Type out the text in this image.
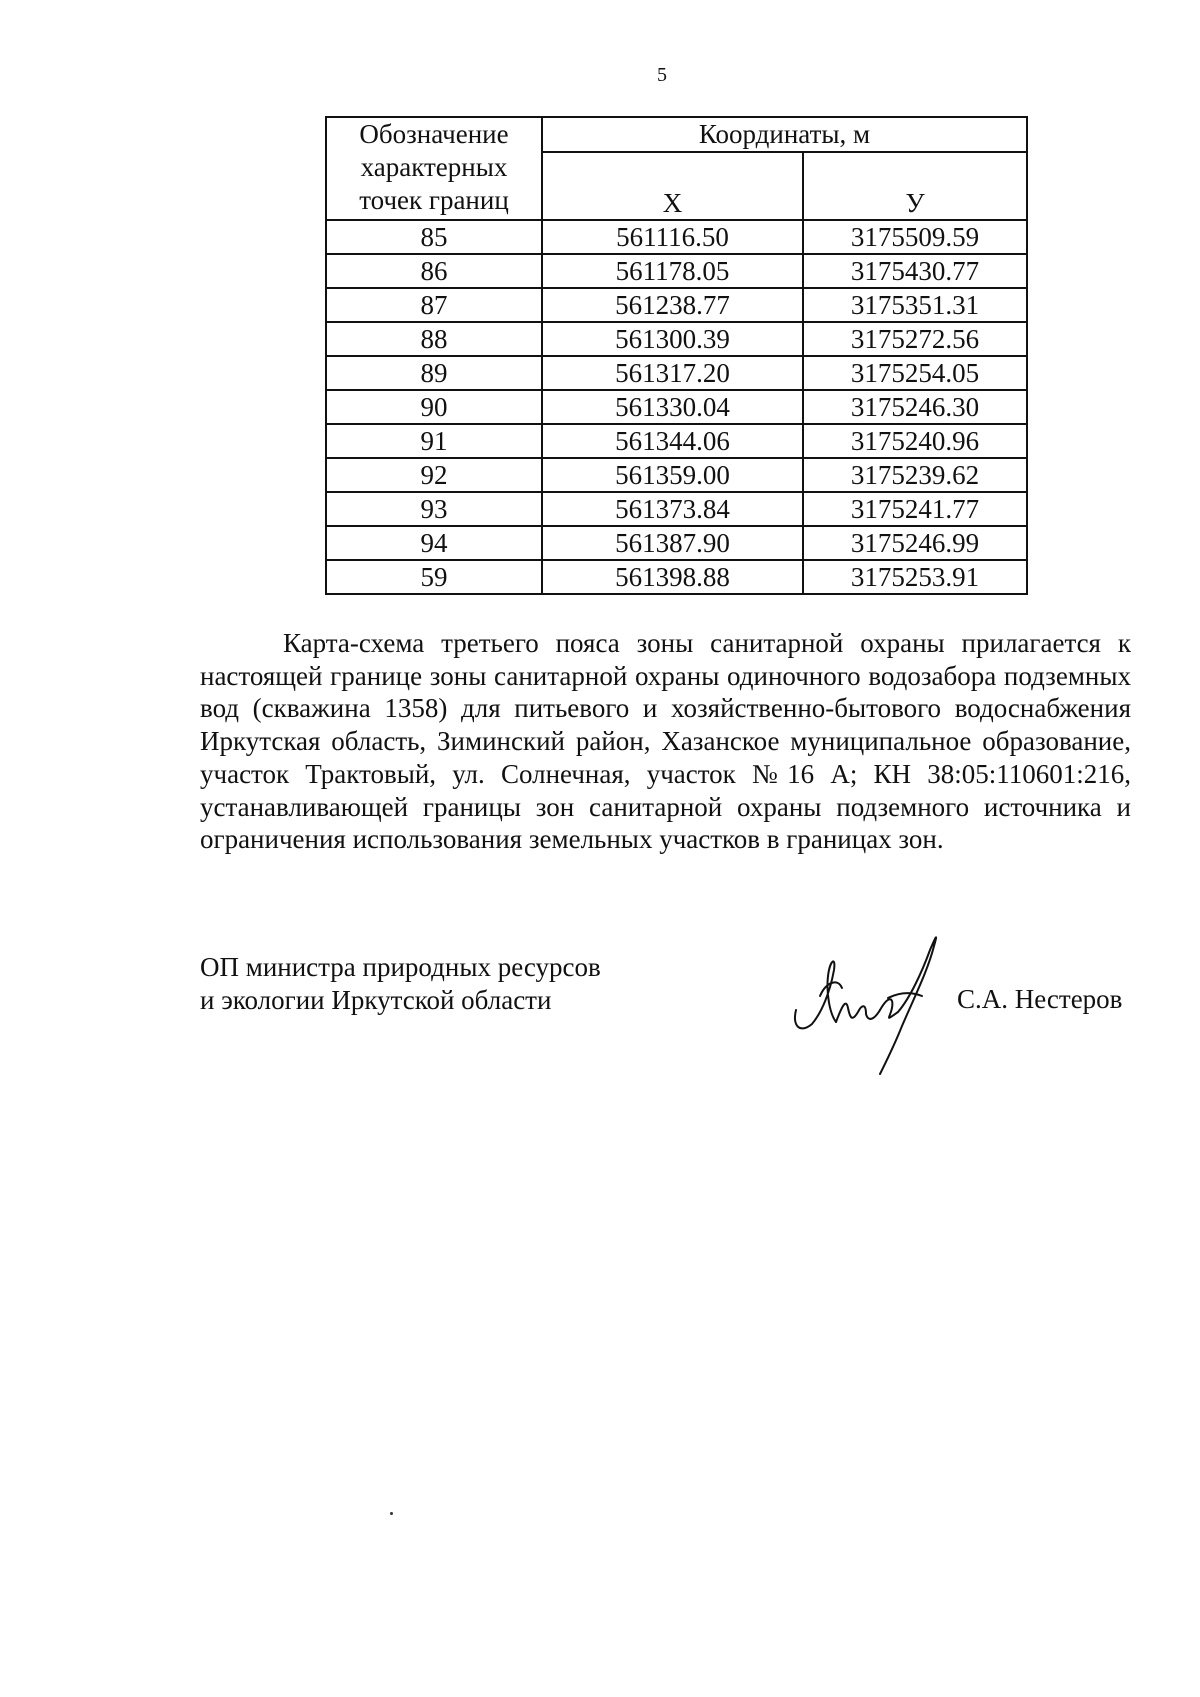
5
Обозначение характерных точек границ	Координаты, м	
	Х	У
85	561116.50	3175509.59
86	561178.05	3175430.77
87	561238.77	3175351.31
88	561300.39	3175272.56
89	561317.20	3175254.05
90	561330.04	3175246.30
91	561344.06	3175240.96
92	561359.00	3175239.62
93	561373.84	3175241.77
94	561387.90	3175246.99
59	561398.88	3175253.91

Карта-схема третьего пояса зоны санитарной охраны прилагается к настоящей границе зоны санитарной охраны одиночного водозабора подземных вод (скважина 1358) для питьевого и хозяйственно-бытового водоснабжения Иркутская область, Зиминский район, Хазанское муниципальное образование, участок Трактовый, ул. Солнечная, участок №16 А; КН 38:05:110601:216, устанавливающей границы зон санитарной охраны подземного источника и ограничения использования земельных участков в границах зон.

ОП министра природных ресурсов
и экологии Иркутской области	С.А. Нестеров
